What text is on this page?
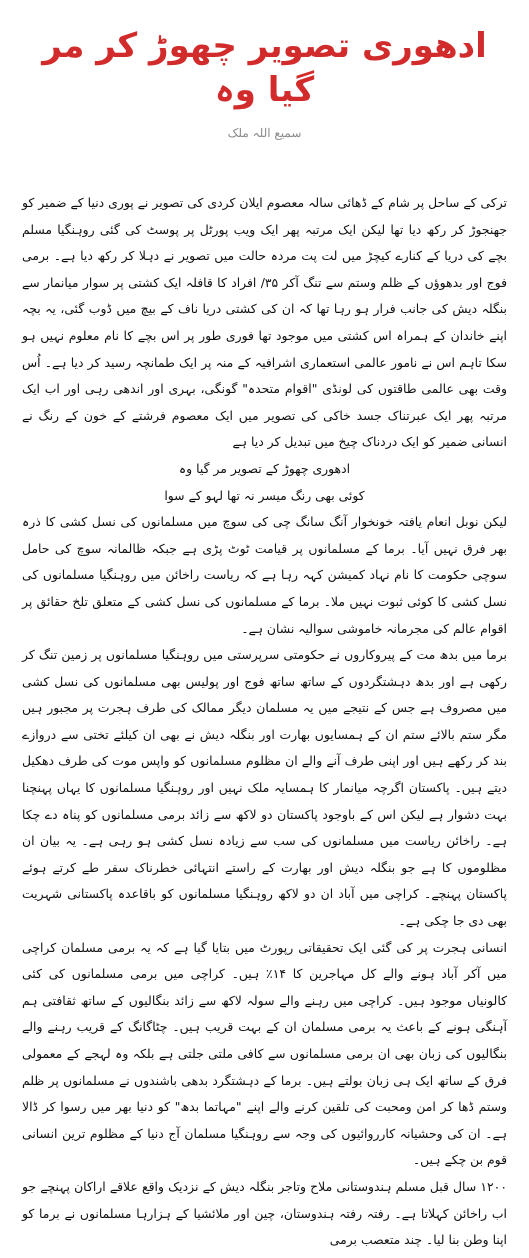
ادھوری تصویر چھوڑ کر مر گیا وہ
سمیع اللہ ملک

ترکی کے ساحل پر شام کے ڈھائی سالہ معصوم ایلان کردی کی تصویر نے پوری دنیا کے ضمیر کو جھنجوڑ کر رکھ دیا تھا لیکن ایک مرتبہ پھر ایک ویب پورٹل پر پوسٹ کی گئی روہنگیا مسلم بچے کی دریا کے کنارے کیچڑ میں لت پت مردہ حالت میں تصویر نے دہلا کر رکھ دیا ہے۔ برمی فوج اور بدھوؤں کے ظلم وستم سے تنگ آکر ۳۵/ افراد کا قافلہ ایک کشتی پر سوار میانمار سے بنگلہ دیش کی جانب فرار ہو رہا تھا کہ ان کی کشتی دریا ناف کے بیچ میں ڈوب گئی، یہ بچہ اپنے خاندان کے ہمراہ اس کشتی میں موجود تھا فوری طور پر اس بچے کا نام معلوم نہیں ہو سکا تاہم اس نے نامور عالمی استعماری اشرافیہ کے منہ پر ایک طمانچہ رسید کر دیا ہے۔ اُس وقت بھی عالمی طاقتوں کی لونڈی "اقوام متحدہ" گونگی، بہری اور اندھی رہی اور اب ایک مرتبہ پھر ایک عبرتناک جسد خاکی کی تصویر میں ایک معصوم فرشتے کے خون کے رنگ نے انسانی ضمیر کو ایک دردناک چیخ میں تبدیل کر دیا ہے

ادھوری چھوڑ کے تصویر مر گیا وہ

کوئی بھی رنگ میسر نہ تھا لہو کے سوا

لیکن نوبل انعام یافتہ خونخوار آنگ سانگ چی کی سوچ میں مسلمانوں کی نسل کشی کا ذرہ بھر فرق نہیں آیا۔ برما کے مسلمانوں پر قیامت ٹوٹ پڑی ہے جبکہ ظالمانہ سوچ کی حامل سوچی حکومت کا نام نہاد کمیشن کہہ رہا ہے کہ ریاست راخائن میں روہنگیا مسلمانوں کی نسل کشی کا کوئی ثبوت نہیں ملا۔ برما کے مسلمانوں کی نسل کشی کے متعلق تلخ حقائق پر اقوام عالم کی مجرمانہ خاموشی سوالیہ نشان ہے۔

برما میں بدھ مت کے پیروکاروں نے حکومتی سرپرستی میں روہنگیا مسلمانوں پر زمین تنگ کر رکھی ہے اور بدھ دہشتگردوں کے ساتھ ساتھ فوج اور پولیس بھی مسلمانوں کی نسل کشی میں مصروف ہے جس کے نتیجے میں یہ مسلمان دیگر ممالک کی طرف ہجرت پر مجبور ہیں مگر ستم بالائے ستم ان کے ہمسایوں بھارت اور بنگلہ دیش نے بھی ان کیلئے تختی سے دروازے بند کر رکھے ہیں اور اپنی طرف آنے والے ان مظلوم مسلمانوں کو واپس موت کی طرف دھکیل دیتے ہیں۔ پاکستان اگرچہ میانمار کا ہمسایہ ملک نہیں اور روہنگیا مسلمانوں کا یہاں پہنچنا بہت دشوار ہے لیکن اس کے باوجود پاکستان دو لاکھ سے زائد برمی مسلمانوں کو پناہ دے چکا ہے۔ راخائن ریاست میں مسلمانوں کی سب سے زیادہ نسل کشی ہو رہی ہے۔ یہ بیان ان مظلوموں کا ہے جو بنگلہ دیش اور بھارت کے راستے انتہائی خطرناک سفر طے کرتے ہوئے پاکستان پہنچے۔ کراچی میں آباد ان دو لاکھ روہنگیا مسلمانوں کو باقاعدہ پاکستانی شہریت بھی دی جا چکی ہے۔

انسانی ہجرت پر کی گئی ایک تحقیقاتی رپورٹ میں بتایا گیا ہے کہ یہ برمی مسلمان کراچی میں آکر آباد ہونے والے کل مہاجرین کا ۱۴٪ ہیں۔ کراچی میں برمی مسلمانوں کی کئی کالونیاں موجود ہیں۔ کراچی میں رہنے والے سولہ لاکھ سے زائد بنگالیوں کے ساتھ ثقافتی ہم آہنگی ہونے کے باعث یہ برمی مسلمان ان کے بہت قریب ہیں۔ چٹاگانگ کے قریب رہنے والے بنگالیوں کی زبان بھی ان برمی مسلمانوں سے کافی ملتی جلتی ہے بلکہ وہ لہجے کے معمولی فرق کے ساتھ ایک ہی زبان بولتے ہیں۔ برما کے دہشتگرد بدھی باشندوں نے مسلمانوں پر ظلم وستم ڈھا کر امن ومحبت کی تلقین کرنے والے اپنے "مہاتما بدھ" کو دنیا بھر میں رسوا کر ڈالا ہے۔ ان کی وحشیانہ کارروائیوں کی وجہ سے روہنگیا مسلمان آج دنیا کے مظلوم ترین انسانی قوم بن چکے ہیں۔

۱۲۰۰ سال قبل مسلم ہندوستانی ملاح وتاجر بنگلہ دیش کے نزدیک واقع علاقے اراکان پہنچے جو اب راخائن کہلاتا ہے۔ رفتہ رفتہ ہندوستان، چین اور ملائشیا کے ہزارہا مسلمانوں نے برما کو اپنا وطن بنا لیا۔ چند متعصب برمی
